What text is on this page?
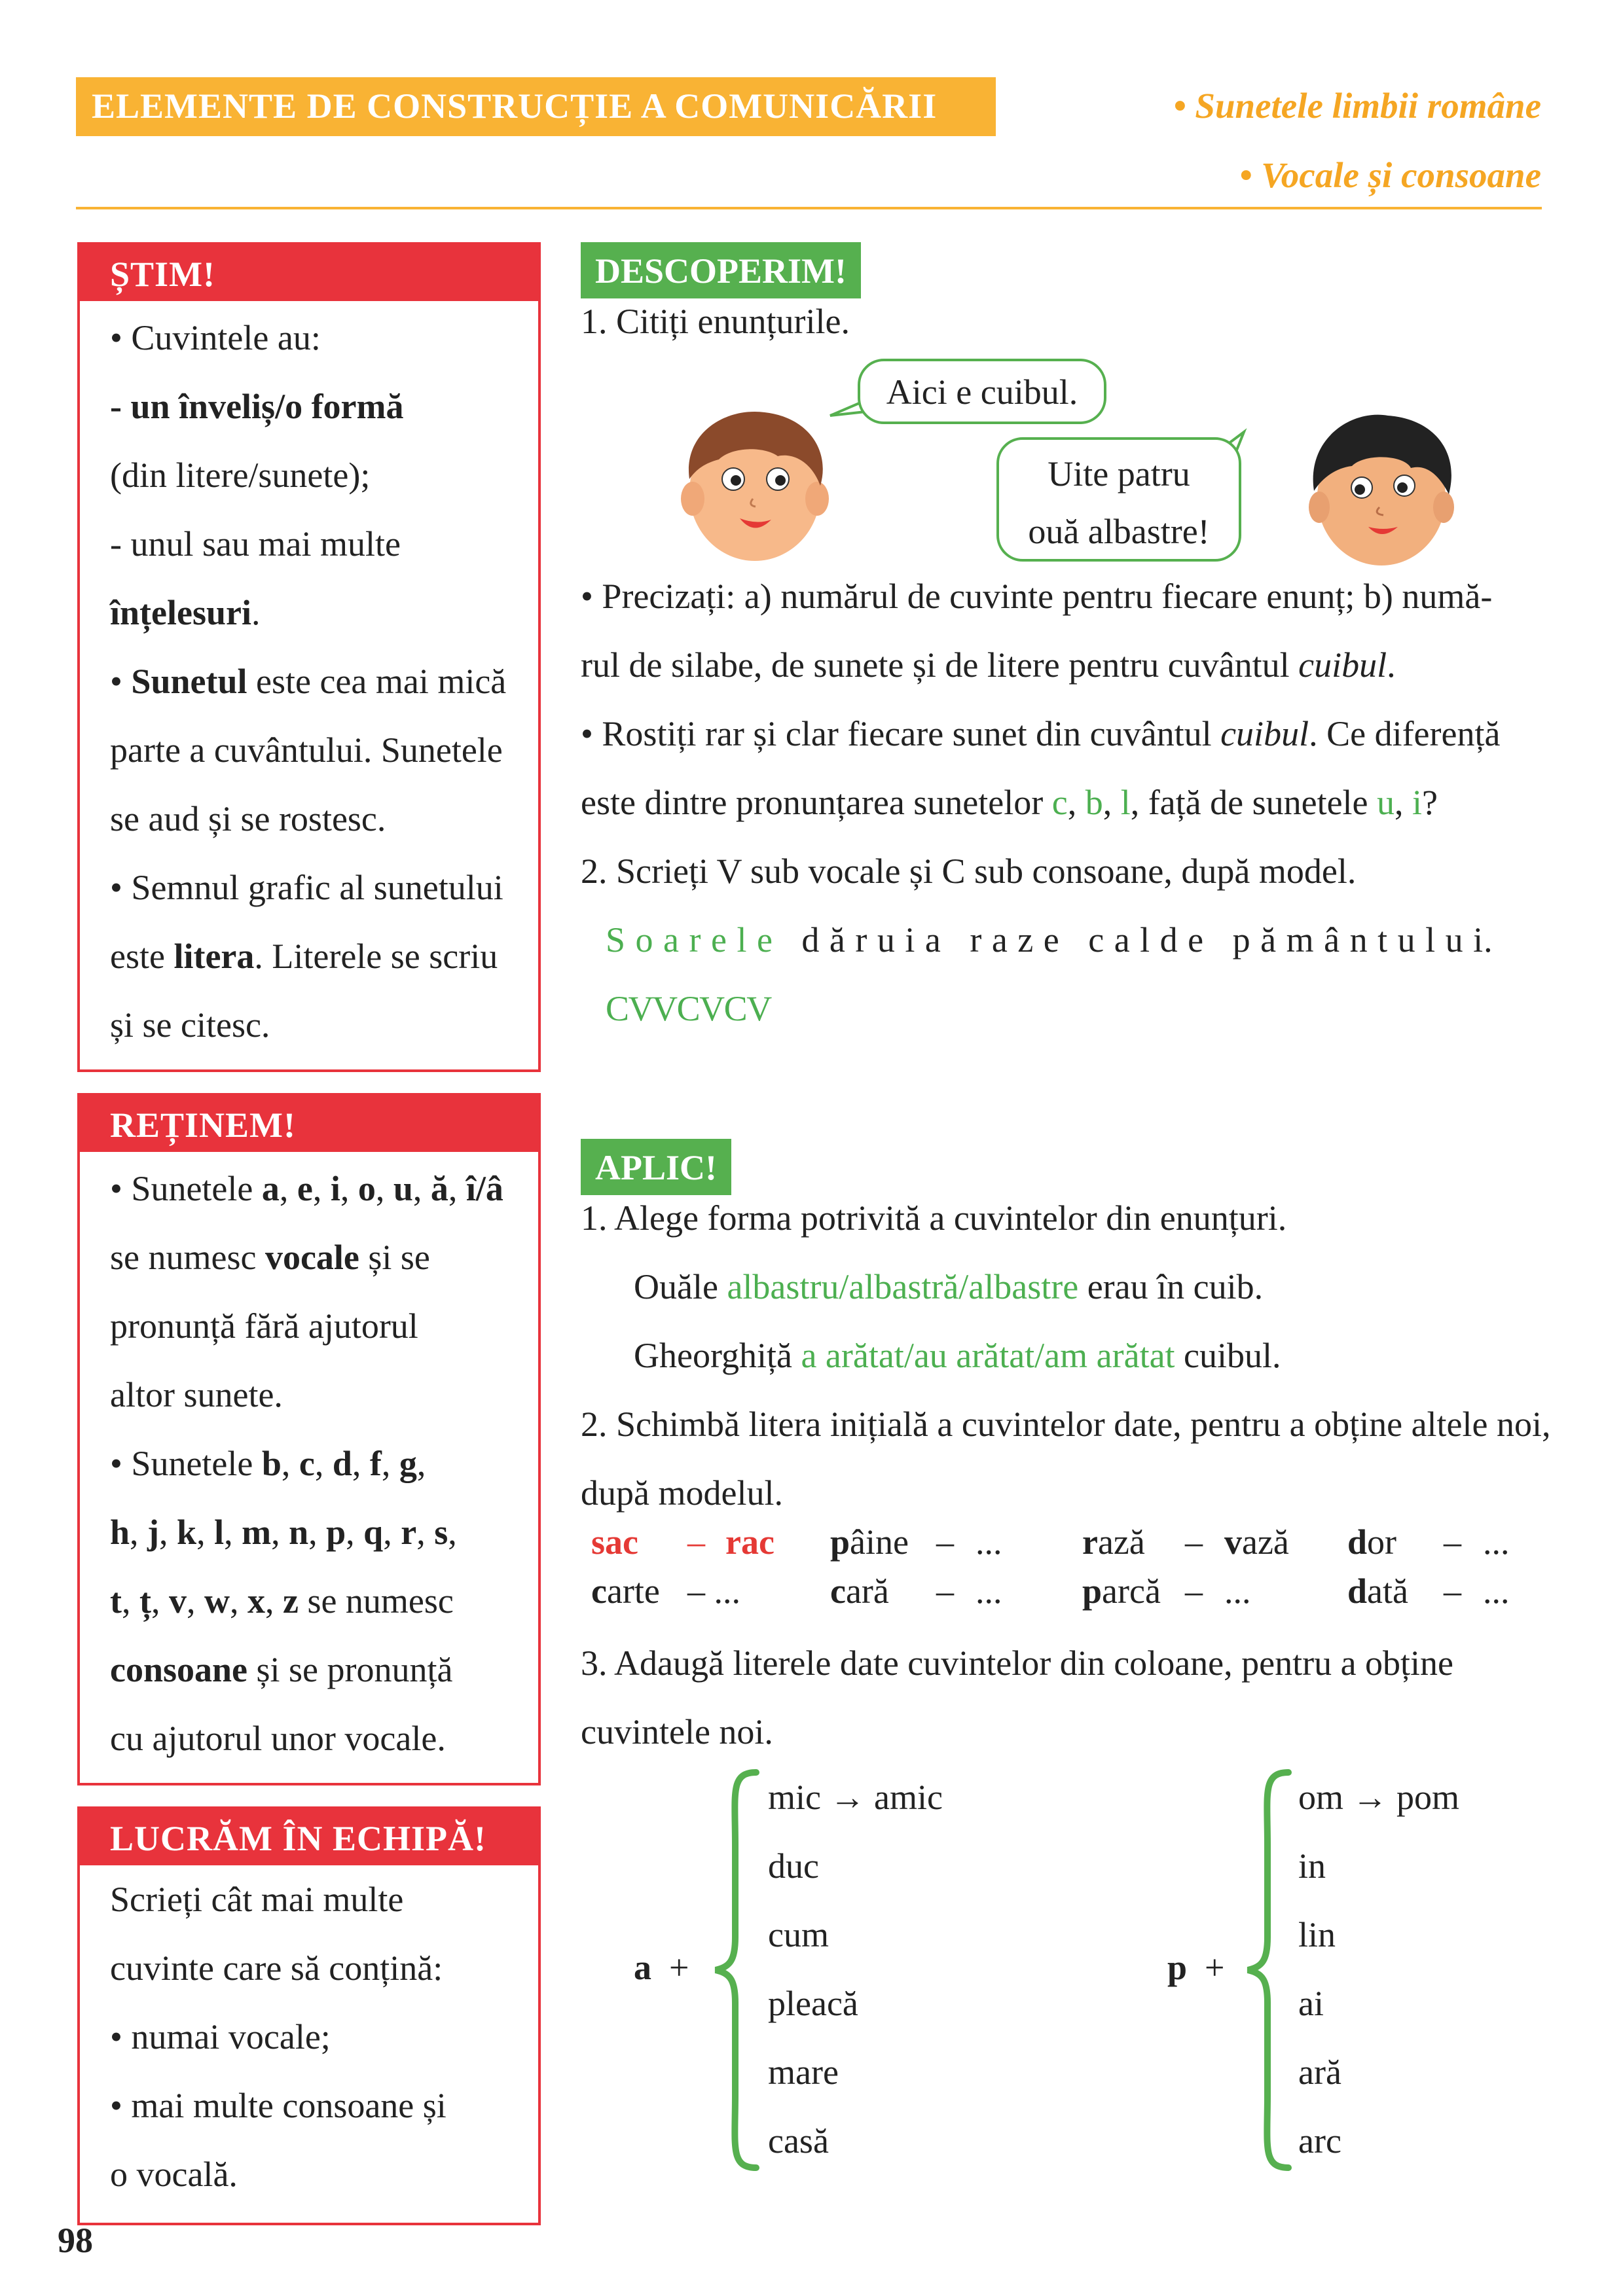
ELEMENTE DE CONSTRUCȚIE A COMUNICĂRII	• Sunetele limbii române
• Vocale și consoane
ȘTIM!

• Cuvintele au:

- un înveliș/o formă

(din litere/sunete);

- unul sau mai multe

înțelesuri.

• Sunetul este cea mai mică

parte a cuvântului. Sunetele

se aud și se rostesc.

• Semnul grafic al sunetului

este litera. Literele se scriu

și se citesc.

REȚINEM!

• Sunetele a, e, i, o, u, ă, î/â

se numesc vocale și se

pronunță fără ajutorul

altor sunete.

• Sunetele b, c, d, f, g,

h, j, k, l, m, n, p, q, r, s,

t, ț, v, w, x, z se numesc

consoane și se pronunță

cu ajutorul unor vocale.

LUCRĂM ÎN ECHIPĂ!

Scrieți cât mai multe

cuvinte care să conțină:

• numai vocale;

• mai multe consoane și

o vocală.

98
DESCOPERIM!
1. Citiți enunțurile.
Aici e cuibul.
Uite patru
ouă albastre!
• Precizați: a) numărul de cuvinte pentru fiecare enunț; b) numă-
rul de silabe, de sunete și de litere pentru cuvântul cuibul.
• Rostiți rar și clar fiecare sunet din cuvântul cuibul. Ce diferență
este dintre pronunțarea sunetelor c, b, l, față de sunetele u, i?
2. Scrieți V sub vocale și C sub consoane, după model.
S o a r e l e d ă r u i a   r a z e   c a l d e   p ă m â n t u l u i.
C V V C V C V
APLIC!
1. Alege forma potrivită a cuvintelor din enunțuri.
Ouăle albastru/albastră/albastre erau în cuib.
Gheorghiță a arătat/au arătat/am arătat cuibul.
2. Schimbă litera inițială a cuvintelor date, pentru a obține altele noi,
după modelul.
sac – rac pâine – ... rază – vază dor – ...
carte – ...	cară – ... parcă – ...	dată – ...
3. Adaugă literele date cuvintelor din coloane, pentru a obține
cuvintele noi.
a +
mic → amic
duc
cum
pleacă
mare
casă
p +
om → pom
in
lin
ai
ară
arc
